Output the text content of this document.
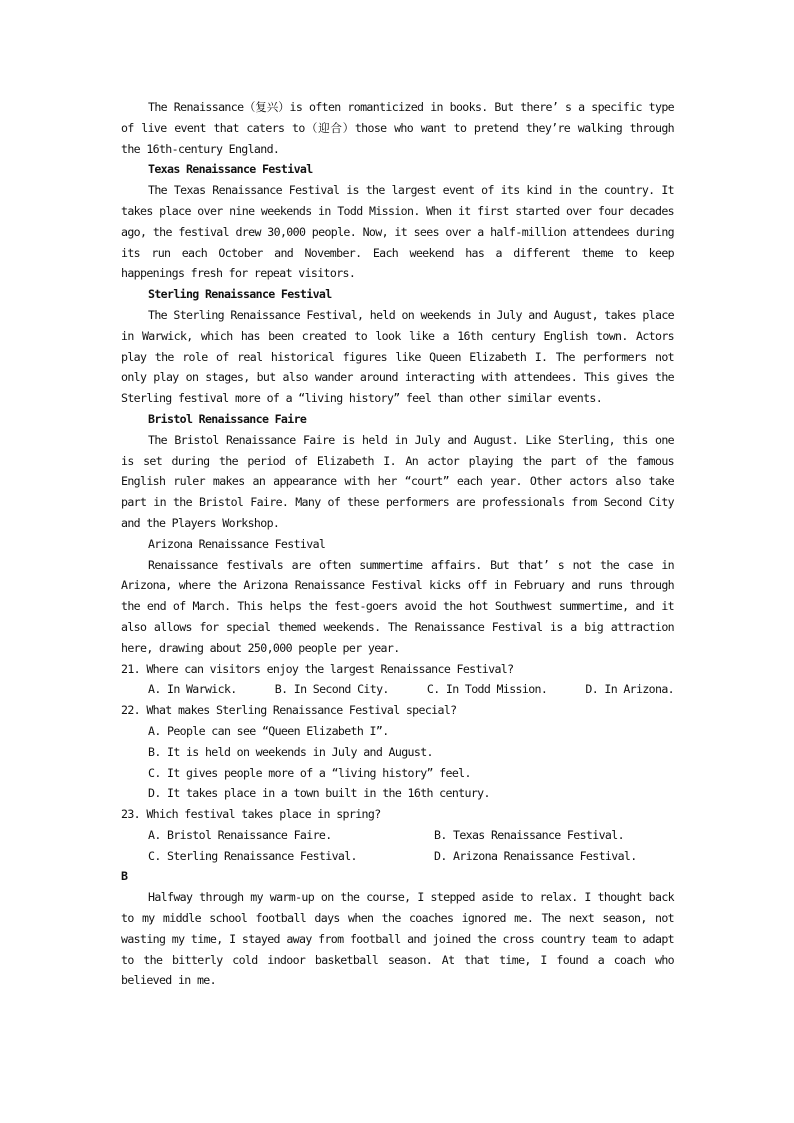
The Renaissance（复兴）is often romanticized in books. But there’ s a specific type of live event that caters to（迎合）those who want to pretend they’re walking through the 16th-century England.

Texas Renaissance Festival

The Texas Renaissance Festival is the largest event of its kind in the country. It takes place over nine weekends in Todd Mission. When it first started over four decades ago, the festival drew 30,000 people. Now, it sees over a half-million attendees during its run each October and November. Each weekend has a different theme to keep happenings fresh for repeat visitors.

Sterling Renaissance Festival

The Sterling Renaissance Festival, held on weekends in July and August, takes place in Warwick, which has been created to look like a 16th century English town. Actors play the role of real historical figures like Queen Elizabeth I. The performers not only play on stages, but also wander around interacting with attendees. This gives the Sterling festival more of a “living history” feel than other similar events.

Bristol Renaissance Faire

The Bristol Renaissance Faire is held in July and August. Like Sterling, this one is set during the period of Elizabeth I. An actor playing the part of the famous English ruler makes an appearance with her “court” each year. Other actors also take part in the Bristol Faire. Many of these performers are professionals from Second City and the Players Workshop.

Arizona Renaissance Festival

Renaissance festivals are often summertime affairs. But that’ s not the case in Arizona, where the Arizona Renaissance Festival kicks off in February and runs through the end of March. This helps the fest-goers avoid the hot Southwest summertime, and it also allows for special themed weekends. The Renaissance Festival is a big attraction here, drawing about 250,000 people per year.

21. Where can visitors enjoy the largest Renaissance Festival?

A. In Warwick.	B. In Second City.	C. In Todd Mission.	D. In Arizona.

22. What makes Sterling Renaissance Festival special?

A. People can see “Queen Elizabeth I”.

B. It is held on weekends in July and August.

C. It gives people more of a “living history” feel.

D. It takes place in a town built in the 16th century.

23. Which festival takes place in spring?

A. Bristol Renaissance Faire.	B. Texas Renaissance Festival.
C. Sterling Renaissance Festival.	D. Arizona Renaissance Festival.

B

Halfway through my warm-up on the course, I stepped aside to relax. I thought back to my middle school football days when the coaches ignored me. The next season, not wasting my time, I stayed away from football and joined the cross country team to adapt to the bitterly cold indoor basketball season. At that time, I found a coach who believed in me.
